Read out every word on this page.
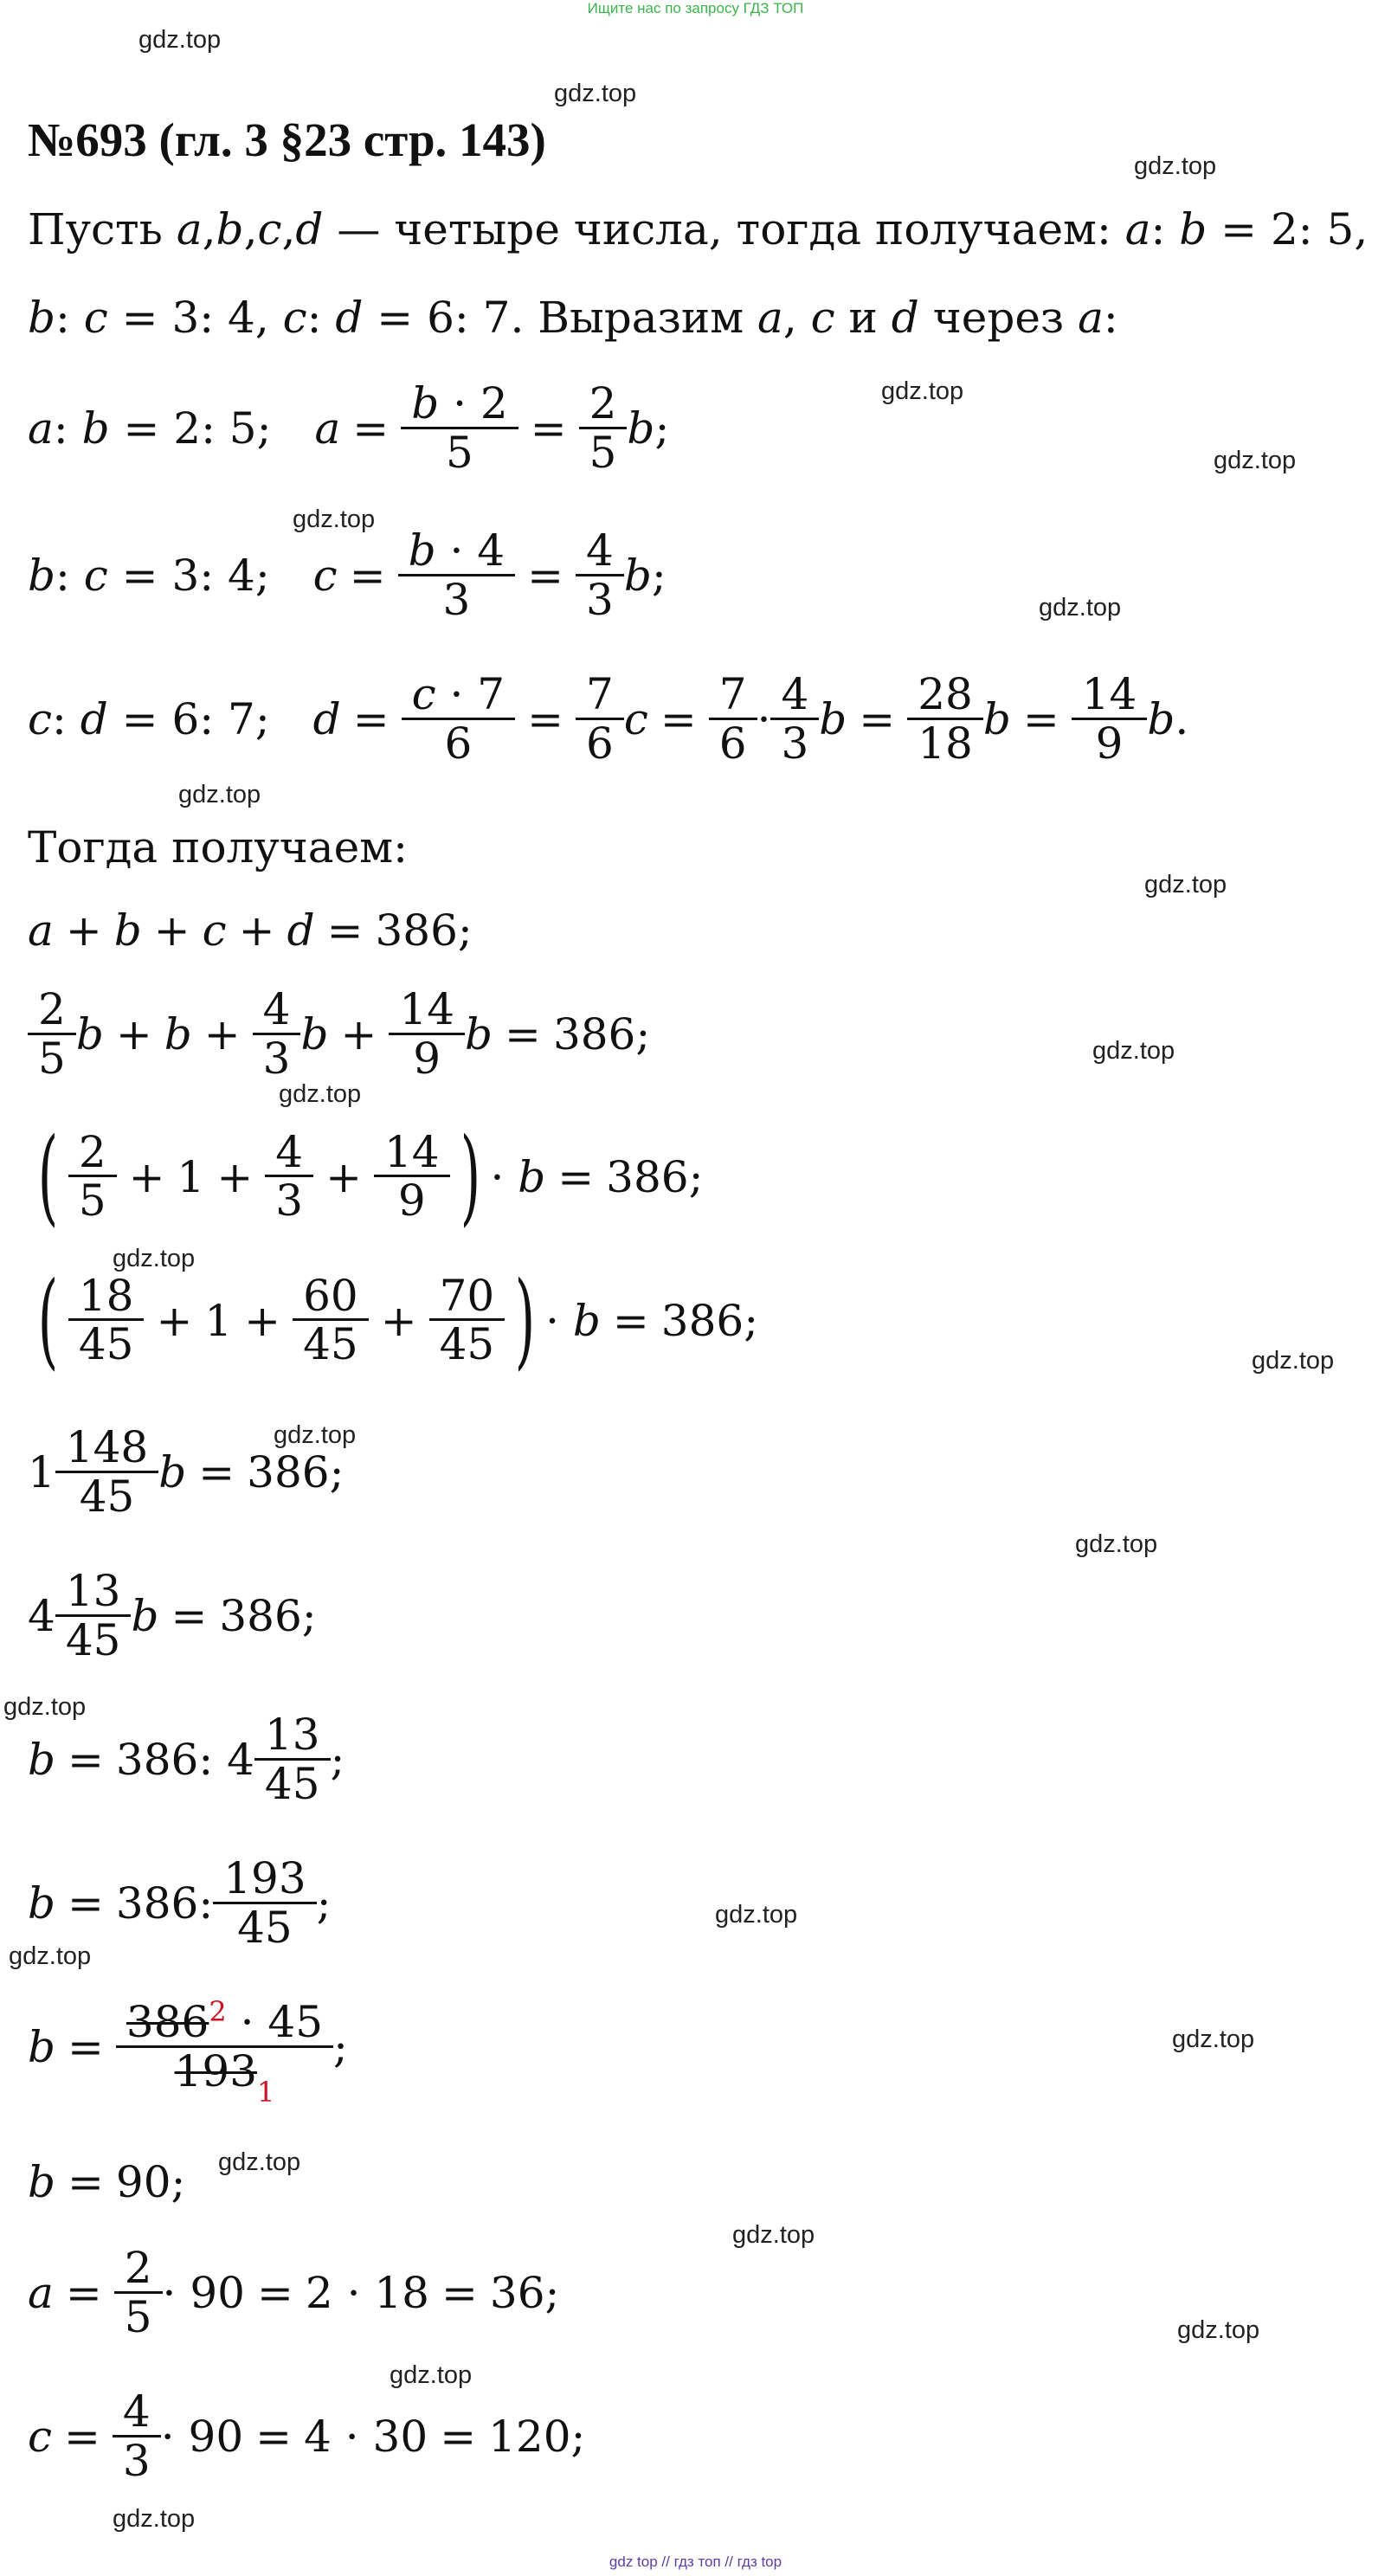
Ищите нас по запросу ГДЗ ТОП
gdz.top
gdz.top
gdz.top
gdz.top
gdz.top
gdz.top
gdz.top
gdz.top
gdz.top
gdz.top
gdz.top
gdz.top
gdz.top
gdz.top
gdz.top
gdz.top
gdz.top
gdz.top
gdz.top
gdz.top
gdz.top
gdz.top
gdz.top
gdz.top
№693 (гл. 3 §23 стр. 143)
Пусть
a , b , c , d
— четыре числа, тогда получаем:
a : b = 2: 5,
b : c = 3: 4, c : d = 6: 7. Выразим
a , c
и
d
через
a :
a : b = 2: 5; $a = \frac{b \cdot 2}{5} = \frac{2}{5}$ b ;
b : c = 3: 4; $c = \frac{b \cdot 4}{3} = \frac{4}{3}$ b ;
c : d = 6: 7; $d = \frac{c \cdot 7}{6} = \frac{7}{6}$ $c = \frac{7}{6} \cdot \frac{4}{3}$ $b = \frac{28}{18}$ $b = \frac{14}{9}$ b .
Тогда получаем:
a + b + c + d = 386;
$\frac{2}{5}$ $b + b + \frac{4}{3}$ $b + \frac{14}{9}$ b = 386;
( $\frac{2}{5} + 1 + \frac{4}{3} + \frac{14}{9}$ ) · b = 386;
( $\frac{18}{45} + 1 + \frac{60}{45} + \frac{70}{45}$ ) · b = 386;
$1 \frac{148}{45}$ b = 386;
$4 \frac{13}{45}$ b = 386;
b = 386: $4 \frac{13}{45}$ ;
b = 386: $\frac{193}{45}$ ;
$b = \frac{386^2 \cdot 45}{193_1}$ ;
b = 90;
$a = \frac{2}{5} \cdot 90 = 2 \cdot 18 = 36$;
$c = \frac{4}{3} \cdot 90 = 4 \cdot 30 = 120$;
gdz top // гдз топ // гдз top
